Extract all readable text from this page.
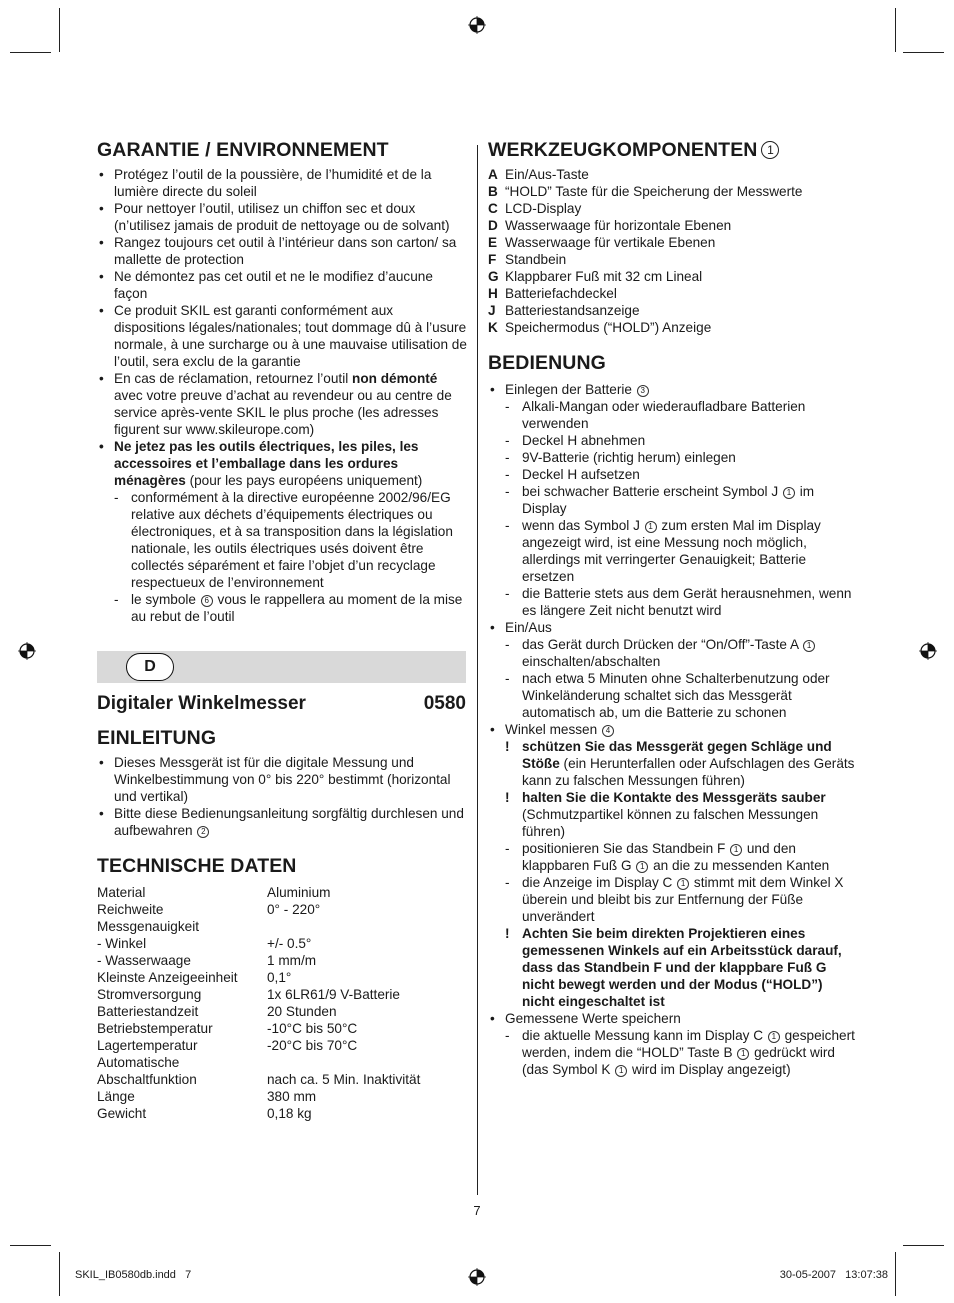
GARANTIE / ENVIRONNEMENT
• Protégez l’outil de la poussière, de l’humidité et de la lumière directe du soleil
• Pour nettoyer l’outil, utilisez un chiffon sec et doux (n’utilisez jamais de produit de nettoyage ou de solvant)
• Rangez toujours cet outil à l’intérieur dans son carton/ sa mallette de protection
• Ne démontez pas cet outil et ne le modifiez d’aucune façon
• Ce produit SKIL est garanti conformément aux dispositions légales/nationales; tout dommage dû à l’usure normale, à une surcharge ou à une mauvaise utilisation de l’outil, sera exclu de la garantie
• En cas de réclamation, retournez l’outil non démonté avec votre preuve d’achat au revendeur ou au centre de service après-vente SKIL le plus proche (les adresses figurent sur www.skileurope.com)
• Ne jetez pas les outils électriques, les piles, les accessoires et l’emballage dans les ordures ménagères (pour les pays européens uniquement)
- conformément à la directive européenne 2002/96/EG relative aux déchets d’équipements électriques ou électroniques, et à sa transposition dans la législation nationale, les outils électriques usés doivent être collectés séparément et faire l’objet d’un recyclage respectueux de l’environnement
- le symbole 6 vous le rappellera au moment de la mise au rebut de l’outil
D
Digitaler Winkelmesser	0580
EINLEITUNG
• Dieses Messgerät ist für die digitale Messung und Winkelbestimmung von 0° bis 220° bestimmt (horizontal und vertikal)
• Bitte diese Bedienungsanleitung sorgfältig durchlesen und aufbewahren 2
TECHNISCHE DATEN
Material	Aluminium
Reichweite	0° - 220°
Messgenauigkeit
- Winkel	+/- 0.5°
- Wasserwaage	1 mm/m
Kleinste Anzeigeeinheit	0,1°
Stromversorgung	1x 6LR61/9 V-Batterie
Batteriestandzeit	20 Stunden
Betriebstemperatur	-10°C bis 50°C
Lagertemperatur	-20°C bis 70°C
Automatische
Abschaltfunktion	nach ca. 5 Min. Inaktivität
Länge	380 mm
Gewicht	0,18 kg
WERKZEUGKOMPONENTEN 1
A Ein/Aus-Taste
B “HOLD” Taste für die Speicherung der Messwerte
C LCD-Display
D Wasserwaage für horizontale Ebenen
E Wasserwaage für vertikale Ebenen
F Standbein
G Klappbarer Fuß mit 32 cm Lineal
H Batteriefachdeckel
J Batteriestandsanzeige
K Speichermodus (“HOLD”) Anzeige
BEDIENUNG
• Einlegen der Batterie 3
- Alkali-Mangan oder wiederaufladbare Batterien verwenden
- Deckel H abnehmen
- 9V-Batterie (richtig herum) einlegen
- Deckel H aufsetzen
- bei schwacher Batterie erscheint Symbol J 1 im Display
- wenn das Symbol J 1 zum ersten Mal im Display angezeigt wird, ist eine Messung noch möglich, allerdings mit verringerter Genauigkeit; Batterie ersetzen
- die Batterie stets aus dem Gerät herausnehmen, wenn es längere Zeit nicht benutzt wird
• Ein/Aus
- das Gerät durch Drücken der “On/Off”-Taste A 1 einschalten/abschalten
- nach etwa 5 Minuten ohne Schalterbenutzung oder Winkeländerung schaltet sich das Messgerät automatisch ab, um die Batterie zu schonen
• Winkel messen 4
! schützen Sie das Messgerät gegen Schläge und Stöße (ein Herunterfallen oder Aufschlagen des Geräts kann zu falschen Messungen führen)
! halten Sie die Kontakte des Messgeräts sauber (Schmutzpartikel können zu falschen Messungen führen)
- positionieren Sie das Standbein F 1 und den klappbaren Fuß G 1 an die zu messenden Kanten
- die Anzeige im Display C 1 stimmt mit dem Winkel X überein und bleibt bis zur Entfernung der Füße unverändert
! Achten Sie beim direkten Projektieren eines gemessenen Winkels auf ein Arbeitsstück darauf, dass das Standbein F und der klappbare Fuß G nicht bewegt werden und der Modus (“HOLD”) nicht eingeschaltet ist
• Gemessene Werte speichern
- die aktuelle Messung kann im Display C 1 gespeichert werden, indem die “HOLD” Taste B 1 gedrückt wird (das Symbol K 1 wird im Display angezeigt)
7
SKIL_IB0580db.indd   7	30-05-2007   13:07:38
